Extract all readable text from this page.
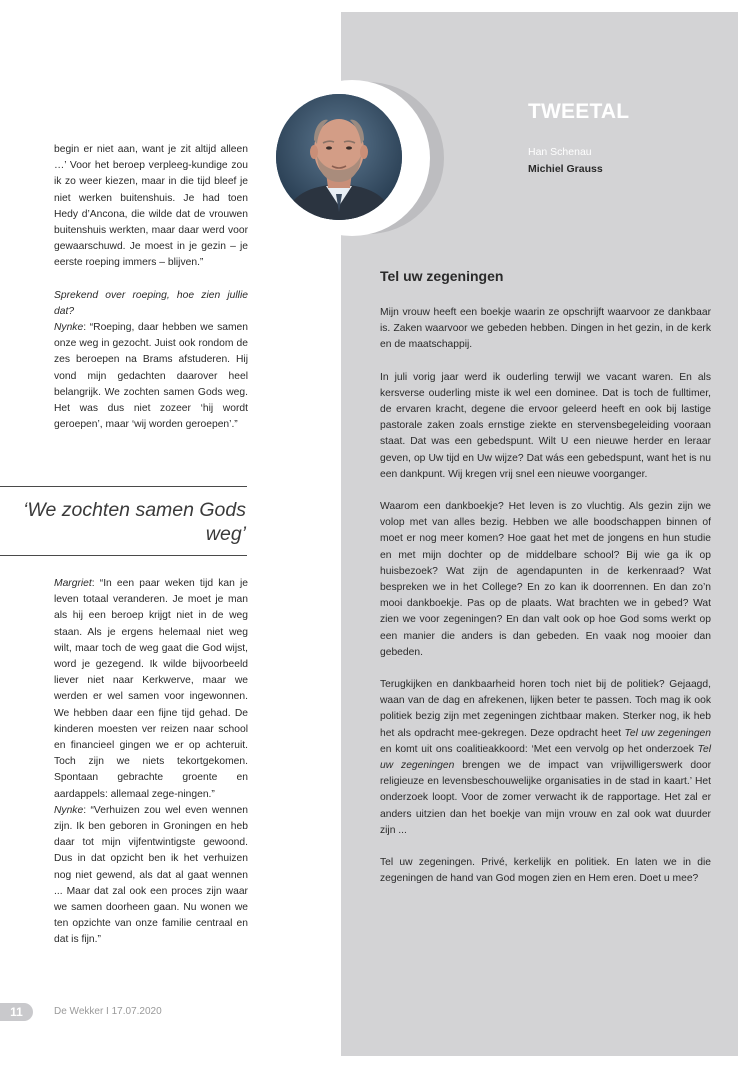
TWEETAL
Han Schenau
Michiel Grauss

begin er niet aan, want je zit altijd alleen …’ Voor het beroep verpleeg-kundige zou ik zo weer kiezen, maar in die tijd bleef je niet werken buitenshuis. Je had toen Hedy d’Ancona, die wilde dat de vrouwen buitenshuis werkten, maar daar werd voor gewaarschuwd. Je moest in je gezin – je eerste roeping immers – blijven.”

Sprekend over roeping, hoe zien jullie dat?

Nynke: “Roeping, daar hebben we samen onze weg in gezocht. Juist ook rondom de zes beroepen na Brams afstuderen. Hij vond mijn gedachten daarover heel belangrijk. We zochten samen Gods weg. Het was dus niet zozeer ‘hij wordt geroepen’, maar ‘wij worden geroepen’.”

‘We zochten samen Gods weg’

Margriet: “In een paar weken tijd kan je leven totaal veranderen. Je moet je man als hij een beroep krijgt niet in de weg staan. Als je ergens helemaal niet weg wilt, maar toch de weg gaat die God wijst, word je gezegend. Ik wilde bijvoorbeeld liever niet naar Kerkwerve, maar we werden er wel samen voor ingewonnen. We hebben daar een fijne tijd gehad. De kinderen moesten ver reizen naar school en financieel gingen we er op achteruit. Toch zijn we niets tekortgekomen. Spontaan gebrachte groente en aardappels: allemaal zege-ningen.”

Nynke: “Verhuizen zou wel even wennen zijn. Ik ben geboren in Groningen en heb daar tot mijn vijfentwintigste gewoond. Dus in dat opzicht ben ik het verhuizen nog niet gewend, als dat al gaat wennen ... Maar dat zal ook een proces zijn waar we samen doorheen gaan. Nu wonen we ten opzichte van onze familie centraal en dat is fijn.”

Tel uw zegeningen

Mijn vrouw heeft een boekje waarin ze opschrijft waarvoor ze dankbaar is. Zaken waarvoor we gebeden hebben. Dingen in het gezin, in de kerk en de maatschappij.

In juli vorig jaar werd ik ouderling terwijl we vacant waren. En als kersverse ouderling miste ik wel een dominee. Dat is toch de fulltimer, de ervaren kracht, degene die ervoor geleerd heeft en ook bij lastige pastorale zaken zoals ernstige ziekte en stervensbegeleiding vooraan staat. Dat was een gebedspunt. Wilt U een nieuwe herder en leraar geven, op Uw tijd en Uw wijze? Dat wás een gebedspunt, want het is nu een dankpunt. Wij kregen vrij snel een nieuwe voorganger.

Waarom een dankboekje? Het leven is zo vluchtig. Als gezin zijn we volop met van alles bezig. Hebben we alle boodschappen binnen of moet er nog meer komen? Hoe gaat het met de jongens en hun studie en met mijn dochter op de middelbare school? Bij wie ga ik op huisbezoek? Wat zijn de agendapunten in de kerkenraad? Wat bespreken we in het College? En zo kan ik doorrennen. En dan zo’n mooi dankboekje. Pas op de plaats. Wat brachten we in gebed? Wat zien we voor zegeningen? En dan valt ook op hoe God soms werkt op een manier die anders is dan gebeden. En vaak nog mooier dan gebeden.

Terugkijken en dankbaarheid horen toch niet bij de politiek? Gejaagd, waan van de dag en afrekenen, lijken beter te passen. Toch mag ik ook politiek bezig zijn met zegeningen zichtbaar maken. Sterker nog, ik heb het als opdracht mee-gekregen. Deze opdracht heet Tel uw zegeningen en komt uit ons coalitieakkoord: ‘Met een vervolg op het onderzoek Tel uw zegeningen brengen we de impact van vrijwilligerswerk door religieuze en levensbeschouwelijke organisaties in de stad in kaart.’ Het onderzoek loopt. Voor de zomer verwacht ik de rapportage. Het zal er anders uitzien dan het boekje van mijn vrouw en zal ook wat duurder zijn ...

Tel uw zegeningen. Privé, kerkelijk en politiek. En laten we in die zegeningen de hand van God mogen zien en Hem eren. Doet u mee?

11	De Wekker I 17.07.2020
